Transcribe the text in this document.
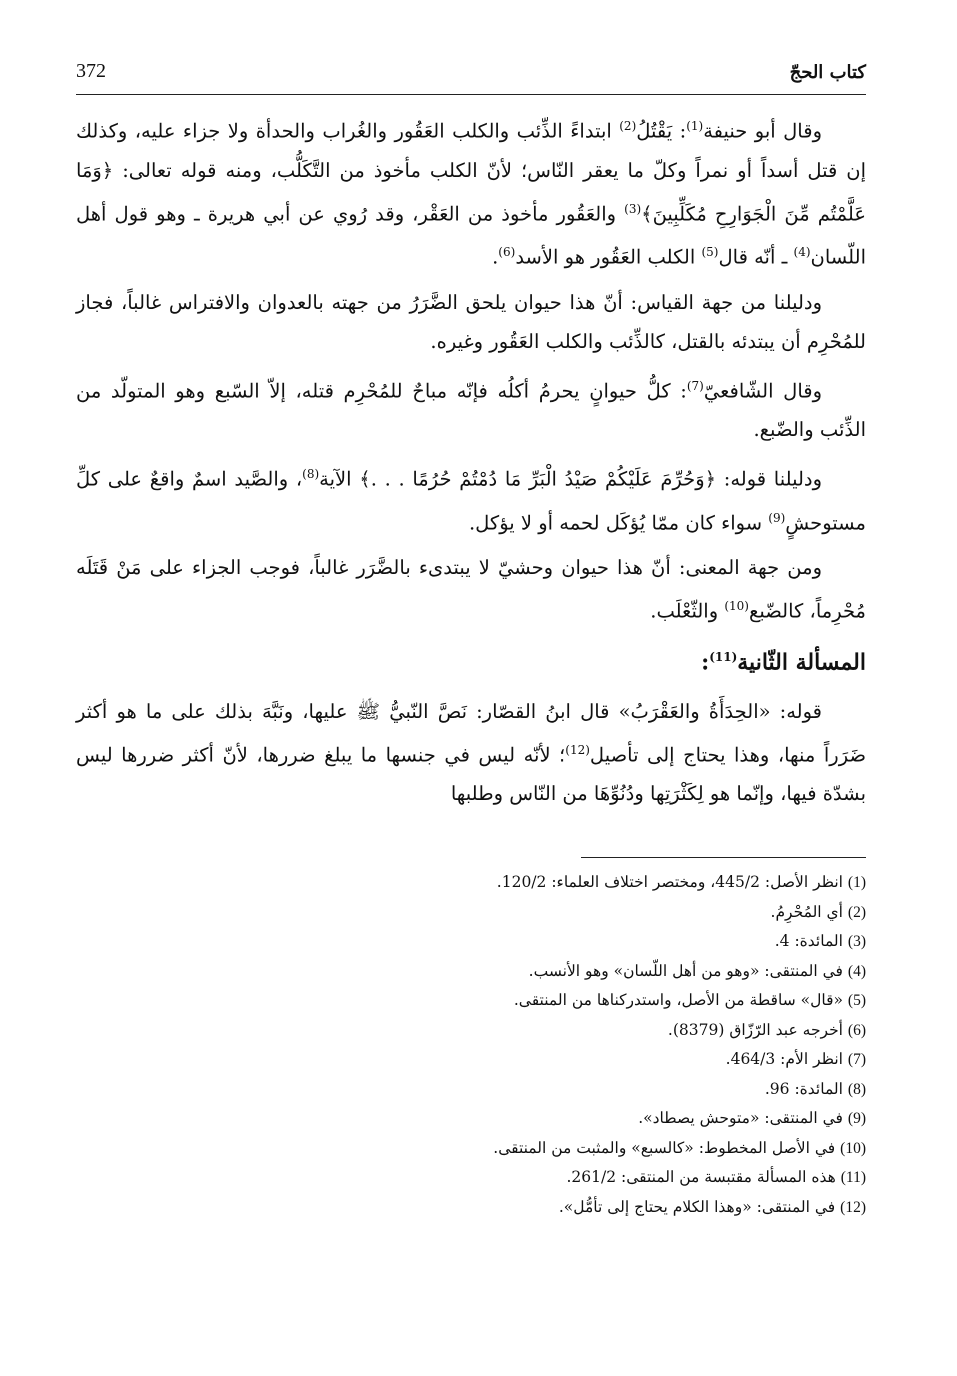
كتاب الحجّ
372

وقال أبو حنيفة$^{(1)}$: يَقْتُلُ$^{(2)}$ ابتداءً الذِّئب والكلب العَقُور والغُراب والحدأة ولا جزاء عليه، وكذلك إن قتل أسداً أو نمراً وكلّ ما يعقر النّاس؛ لأنّ الكلب مأخوذ من التَّكَلُّب، ومنه قوله تعالى: ﴿وَمَا عَلَّمْتُم مِّنَ الْجَوَارِحِ مُكَلِّبِينَ﴾$^{(3)}$ والعَقُور مأخوذ من العَقْر، وقد رُوي عن أبي هريرة ـ وهو قول أهل اللّسان$^{(4)}$ ـ أنّه قال$^{(5)}$ الكلب العَقُور هو الأسد$^{(6)}$.

ودليلنا من جهة القياس: أنّ هذا حيوان يلحق الضَّرَرُ من جهته بالعدوان والافتراس غالباً، فجاز للمُحْرِم أن يبتدئه بالقتل، كالذِّئب والكلب العَقُور وغيره.

وقال الشّافعيّ$^{(7)}$: كلُّ حيوانٍ يحرمُ أكلُه فإنّه مباحٌ للمُحْرِم قتله، إلاّ السّبع وهو المتولّد من الذِّئب والضّبع.

ودليلنا قوله: ﴿وَحُرِّمَ عَلَيْكُمْ صَيْدُ الْبَرِّ مَا دُمْتُمْ حُرُمًا . . .﴾ الآية$^{(8)}$، والصَّيد اسمٌ واقعٌ على كلِّ مستوحشٍ$^{(9)}$ سواء كان ممّا يُؤكَل لحمه أو لا يؤكل.

ومن جهة المعنى: أنّ هذا حيوان وحشيّ لا يبتدىء بالضَّرَر غالباً، فوجب الجزاء على مَنْ قَتَلَه مُحْرِماً، كالضّبع$^{(10)}$ والثّعْلَب.

المسألة الثّانية$^{(11)}$:

قوله: «الحِدَأَةُ والعَقْرَبُ» قال ابنُ القصّار: نَصَّ النّبيُّ ﷺ عليها، ونَبَّهَ بذلك على ما هو أكثر ضَرَراً منها، وهذا يحتاج إلى تأصيل$^{(12)}$؛ لأنّه ليس في جنسها ما يبلغ ضررها، لأنّ أكثر ضررها ليس بشدّة فيها، وإنّما هو لِكَثْرَتِها ودُنُوِّهَا من النّاس وطلبها

(1) انظر الأصل: 445/2، ومختصر اختلاف العلماء: 120/2.
(2) أي المُحْرِمُ.
(3) المائدة: 4.
(4) في المنتقى: «وهو من أهل اللّسان» وهو الأنسب.
(5) «قال» ساقطة من الأصل، واستدركناها من المنتقى.
(6) أخرجه عبد الرّزّاق (8379).
(7) انظر الأم: 464/3.
(8) المائدة: 96.
(9) في المنتقى: «متوحش يصطاد».
(10) في الأصل المخطوط: «كالسبع» والمثبت من المنتقى.
(11) هذه المسألة مقتبسة من المنتقى: 261/2.
(12) في المنتقى: «وهذا الكلام يحتاج إلى تأمُّل».
